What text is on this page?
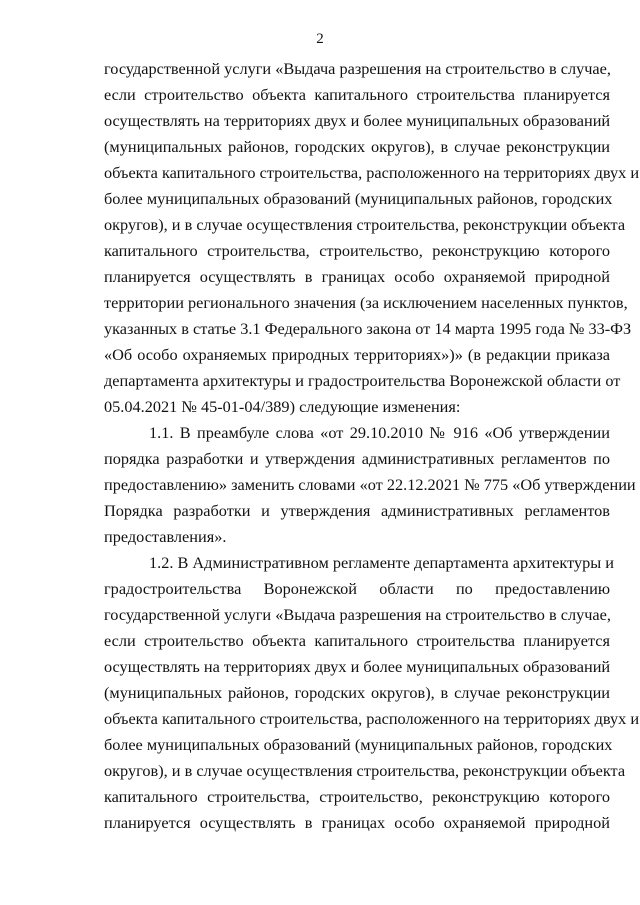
2
государственной услуги «Выдача разрешения на строительство в случае,
если строительство объекта капитального строительства планируется
осуществлять на территориях двух и более муниципальных образований
(муниципальных районов, городских округов), в случае реконструкции
объекта капитального строительства, расположенного на территориях двух и
более муниципальных образований (муниципальных районов, городских
округов), и в случае осуществления строительства, реконструкции объекта
капитального строительства, строительство, реконструкцию которого
планируется осуществлять в границах особо охраняемой природной
территории регионального значения (за исключением населенных пунктов,
указанных в статье 3.1 Федерального закона от 14 марта 1995 года № 33-ФЗ
«Об особо охраняемых природных территориях»)» (в редакции приказа
департамента архитектуры и градостроительства Воронежской области от
05.04.2021 № 45-01-04/389) следующие изменения:
1.1. В преамбуле слова «от 29.10.2010 № 916 «Об утверждении
порядка разработки и утверждения административных регламентов по
предоставлению» заменить словами «от 22.12.2021 № 775 «Об утверждении
Порядка разработки и утверждения административных регламентов
предоставления».
1.2. В Административном регламенте департамента архитектуры и
градостроительства Воронежской области по предоставлению
государственной услуги «Выдача разрешения на строительство в случае,
если строительство объекта капитального строительства планируется
осуществлять на территориях двух и более муниципальных образований
(муниципальных районов, городских округов), в случае реконструкции
объекта капитального строительства, расположенного на территориях двух и
более муниципальных образований (муниципальных районов, городских
округов), и в случае осуществления строительства, реконструкции объекта
капитального строительства, строительство, реконструкцию которого
планируется осуществлять в границах особо охраняемой природной
